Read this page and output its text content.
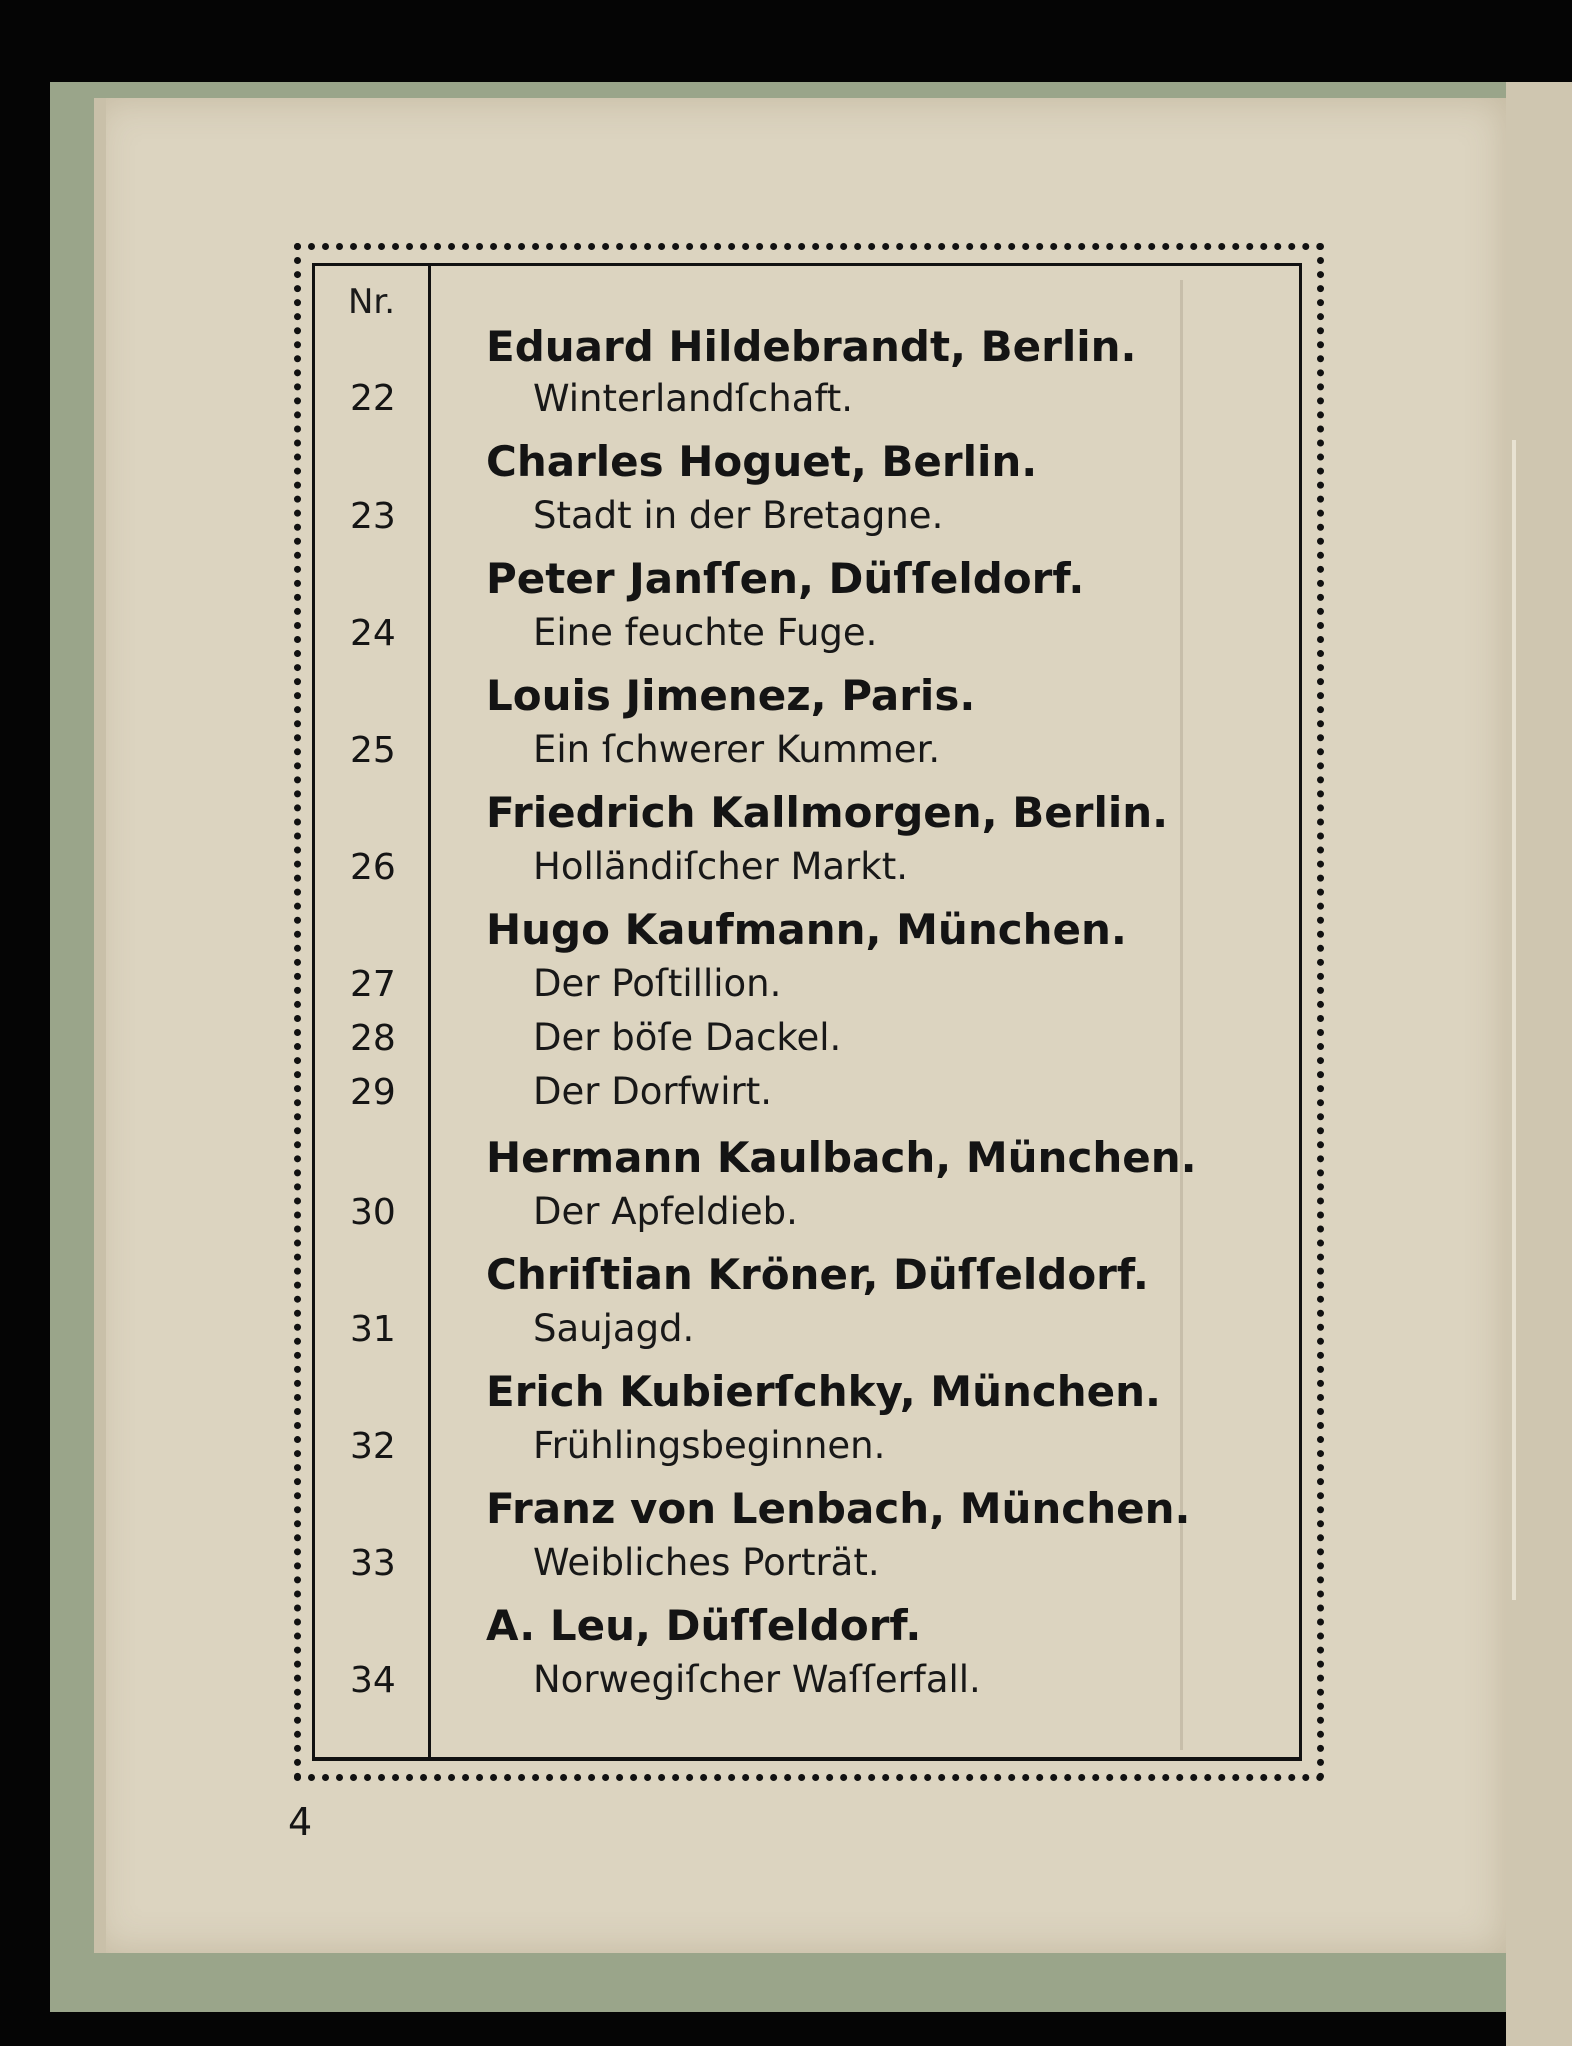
Nr.
Eduard Hildebrandt, Berlin.
22	Winterlandſchaft.
Charles Hoguet, Berlin.
23	Stadt in der Bretagne.
Peter Janſſen, Düſſeldorf.
24	Eine feuchte Fuge.
Louis Jimenez, Paris.
25	Ein ſchwerer Kummer.
Friedrich Kallmorgen, Berlin.
26	Holländiſcher Markt.
Hugo Kaufmann, München.
27	Der Poſtillion.
28	Der böſe Dackel.
29	Der Dorfwirt.
Hermann Kaulbach, München.
30	Der Apfeldieb.
Chriſtian Kröner, Düſſeldorf.
31	Saujagd.
Erich Kubierſchky, München.
32	Frühlingsbeginnen.
Franz von Lenbach, München.
33	Weibliches Porträt.
A. Leu, Düſſeldorf.
34	Norwegiſcher Waſſerfall.
4
